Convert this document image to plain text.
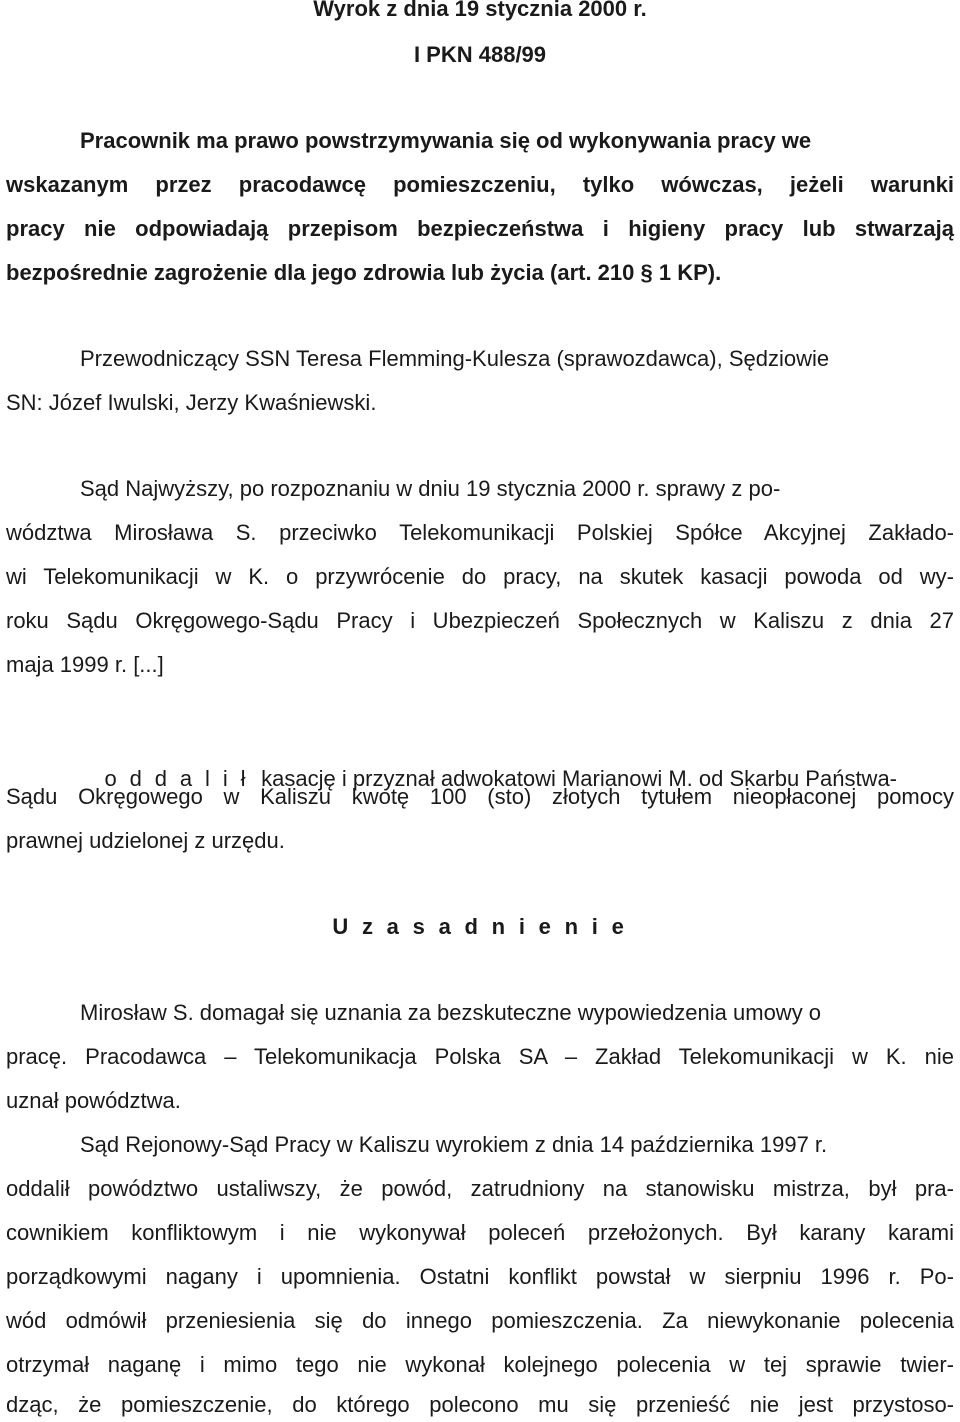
Wyrok z dnia 19 stycznia 2000 r.
I PKN 488/99
Pracownik ma prawo powstrzymywania się od wykonywania pracy we
wskazanym przez pracodawcę pomieszczeniu, tylko wówczas, jeżeli warunki
pracy nie odpowiadają przepisom bezpieczeństwa i higieny pracy lub stwarzają
bezpośrednie zagrożenie dla jego zdrowia lub życia (art. 210 § 1 KP).
Przewodniczący SSN Teresa Flemming-Kulesza (sprawozdawca), Sędziowie
SN: Józef Iwulski, Jerzy Kwaśniewski.
Sąd Najwyższy, po rozpoznaniu w dniu 19 stycznia 2000 r. sprawy z po-
wództwa Mirosława S. przeciwko Telekomunikacji Polskiej Spółce Akcyjnej Zakłado-
wi Telekomunikacji w K. o przywrócenie do pracy, na skutek kasacji powoda od wy-
roku Sądu Okręgowego-Sądu Pracy i Ubezpieczeń Społecznych w Kaliszu z dnia 27
maja 1999 r. [...]

o d d a l i ł kasację i przyznał adwokatowi Marianowi M. od Skarbu Państwa-

Sądu Okręgowego w Kaliszu kwotę 100 (sto) złotych tytułem nieopłaconej pomocy
prawnej udzielonej z urzędu.
U z a s a d n i e n i e
Mirosław S. domagał się uznania za bezskuteczne wypowiedzenia umowy o
pracę. Pracodawca – Telekomunikacja Polska SA – Zakład Telekomunikacji w K. nie
uznał powództwa.
Sąd Rejonowy-Sąd Pracy w Kaliszu wyrokiem z dnia 14 października 1997 r.
oddalił powództwo ustaliwszy, że powód, zatrudniony na stanowisku mistrza, był pra-
cownikiem konfliktowym i nie wykonywał poleceń przełożonych. Był karany karami
porządkowymi nagany i upomnienia. Ostatni konflikt powstał w sierpniu 1996 r. Po-
wód odmówił przeniesienia się do innego pomieszczenia. Za niewykonanie polecenia
otrzymał naganę i mimo tego nie wykonał kolejnego polecenia w tej sprawie twier-
dząc, że pomieszczenie, do którego polecono mu się przenieść nie jest przystoso-
